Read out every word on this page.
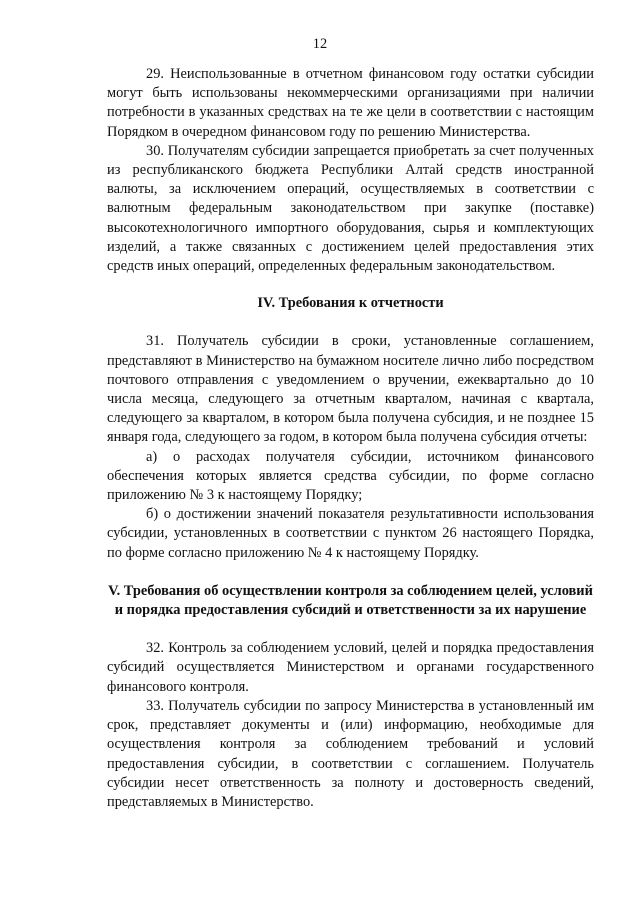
12

29. Неиспользованные в отчетном финансовом году остатки субсидии могут быть использованы некоммерческими организациями при наличии потребности в указанных средствах на те же цели в соответствии с настоящим Порядком в очередном финансовом году по решению Министерства.

30. Получателям субсидии запрещается приобретать за счет полученных из республиканского бюджета Республики Алтай средств иностранной валюты, за исключением операций, осуществляемых в соответствии с валютным федеральным законодательством при закупке (поставке) высокотехнологичного импортного оборудования, сырья и комплектующих изделий, а также связанных с достижением целей предоставления этих средств иных операций, определенных федеральным законодательством.

IV. Требования к отчетности

31. Получатель субсидии в сроки, установленные соглашением, представляют в Министерство на бумажном носителе лично либо посредством почтового отправления с уведомлением о вручении, ежеквартально до 10 числа месяца, следующего за отчетным кварталом, начиная с квартала, следующего за кварталом, в котором была получена субсидия, и не позднее 15 января года, следующего за годом, в котором была получена субсидия отчеты:

а) о расходах получателя субсидии, источником финансового обеспечения которых является средства субсидии, по форме согласно приложению № 3 к настоящему Порядку;

б) о достижении значений показателя результативности использования субсидии, установленных в соответствии с пунктом 26 настоящего Порядка, по форме согласно приложению № 4 к настоящему Порядку.

V. Требования об осуществлении контроля за соблюдением целей, условий и порядка предоставления субсидий и ответственности за их нарушение

32. Контроль за соблюдением условий, целей и порядка предоставления субсидий осуществляется Министерством и органами государственного финансового контроля.

33. Получатель субсидии по запросу Министерства в установленный им срок, представляет документы и (или) информацию, необходимые для осуществления контроля за соблюдением требований и условий предоставления субсидии, в соответствии с соглашением. Получатель субсидии несет ответственность за полноту и достоверность сведений, представляемых в Министерство.
